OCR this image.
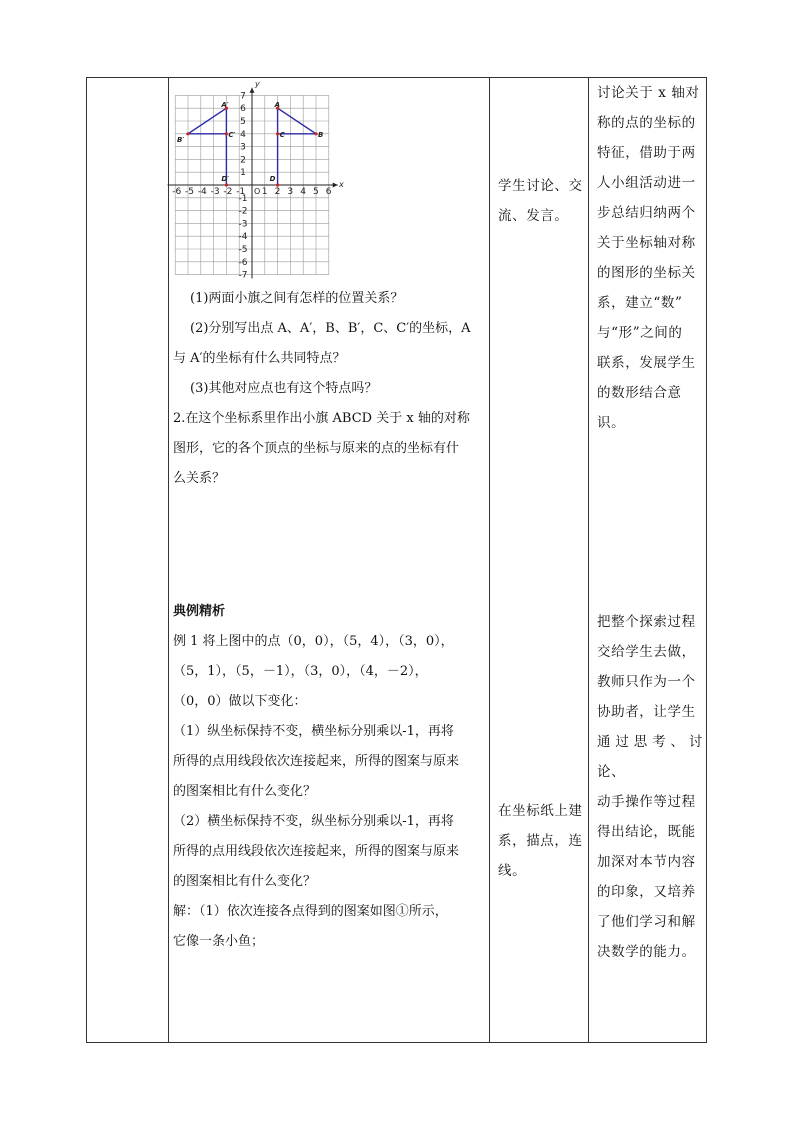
x
y
O
-6 -5 -4 -3 -2 -1 1 2 3 4 5 6
7
6
5
4
3
2
1
-1
-2
-3
-4
-5
-6
-7
A
B
C
D
A′
B′
C′
D′

(1)两面小旗之间有怎样的位置关系？

(2)分别写出点 A、A′，B、B′，C、C′的坐标，A

与 A′的坐标有什么共同特点？

(3)其他对应点也有这个特点吗？

2.在这个坐标系里作出小旗 ABCD 关于 x 轴的对称

图形，它的各个顶点的坐标与原来的点的坐标有什

么关系？

典例精析

例 1 将上图中的点（0，0），（5，4），（3，0），

（5，1），（5，－1），（3，0），（4，－2），

（0，0）做以下变化：

（1）纵坐标保持不变，横坐标分别乘以-1，再将

所得的点用线段依次连接起来，所得的图案与原来

的图案相比有什么变化？

（2）横坐标保持不变，纵坐标分别乘以-1，再将

所得的点用线段依次连接起来，所得的图案与原来

的图案相比有什么变化？

解：（1）依次连接各点得到的图案如图①所示，

它像一条小鱼；

学生讨论、交

流、发言。

在坐标纸上建

系，描点，连

线。

讨论关于 x 轴对

称的点的坐标的

特征，借助于两

人小组活动进一

步总结归纳两个

关于坐标轴对称

的图形的坐标关

系，建立“数”

与“形”之间的

联系，发展学生

的数形结合意

识。

把整个探索过程

交给学生去做，

教师只作为一个

协助者，让学生

通过思考、讨论、

动手操作等过程

得出结论，既能

加深对本节内容

的印象，又培养

了他们学习和解

决数学的能力。
